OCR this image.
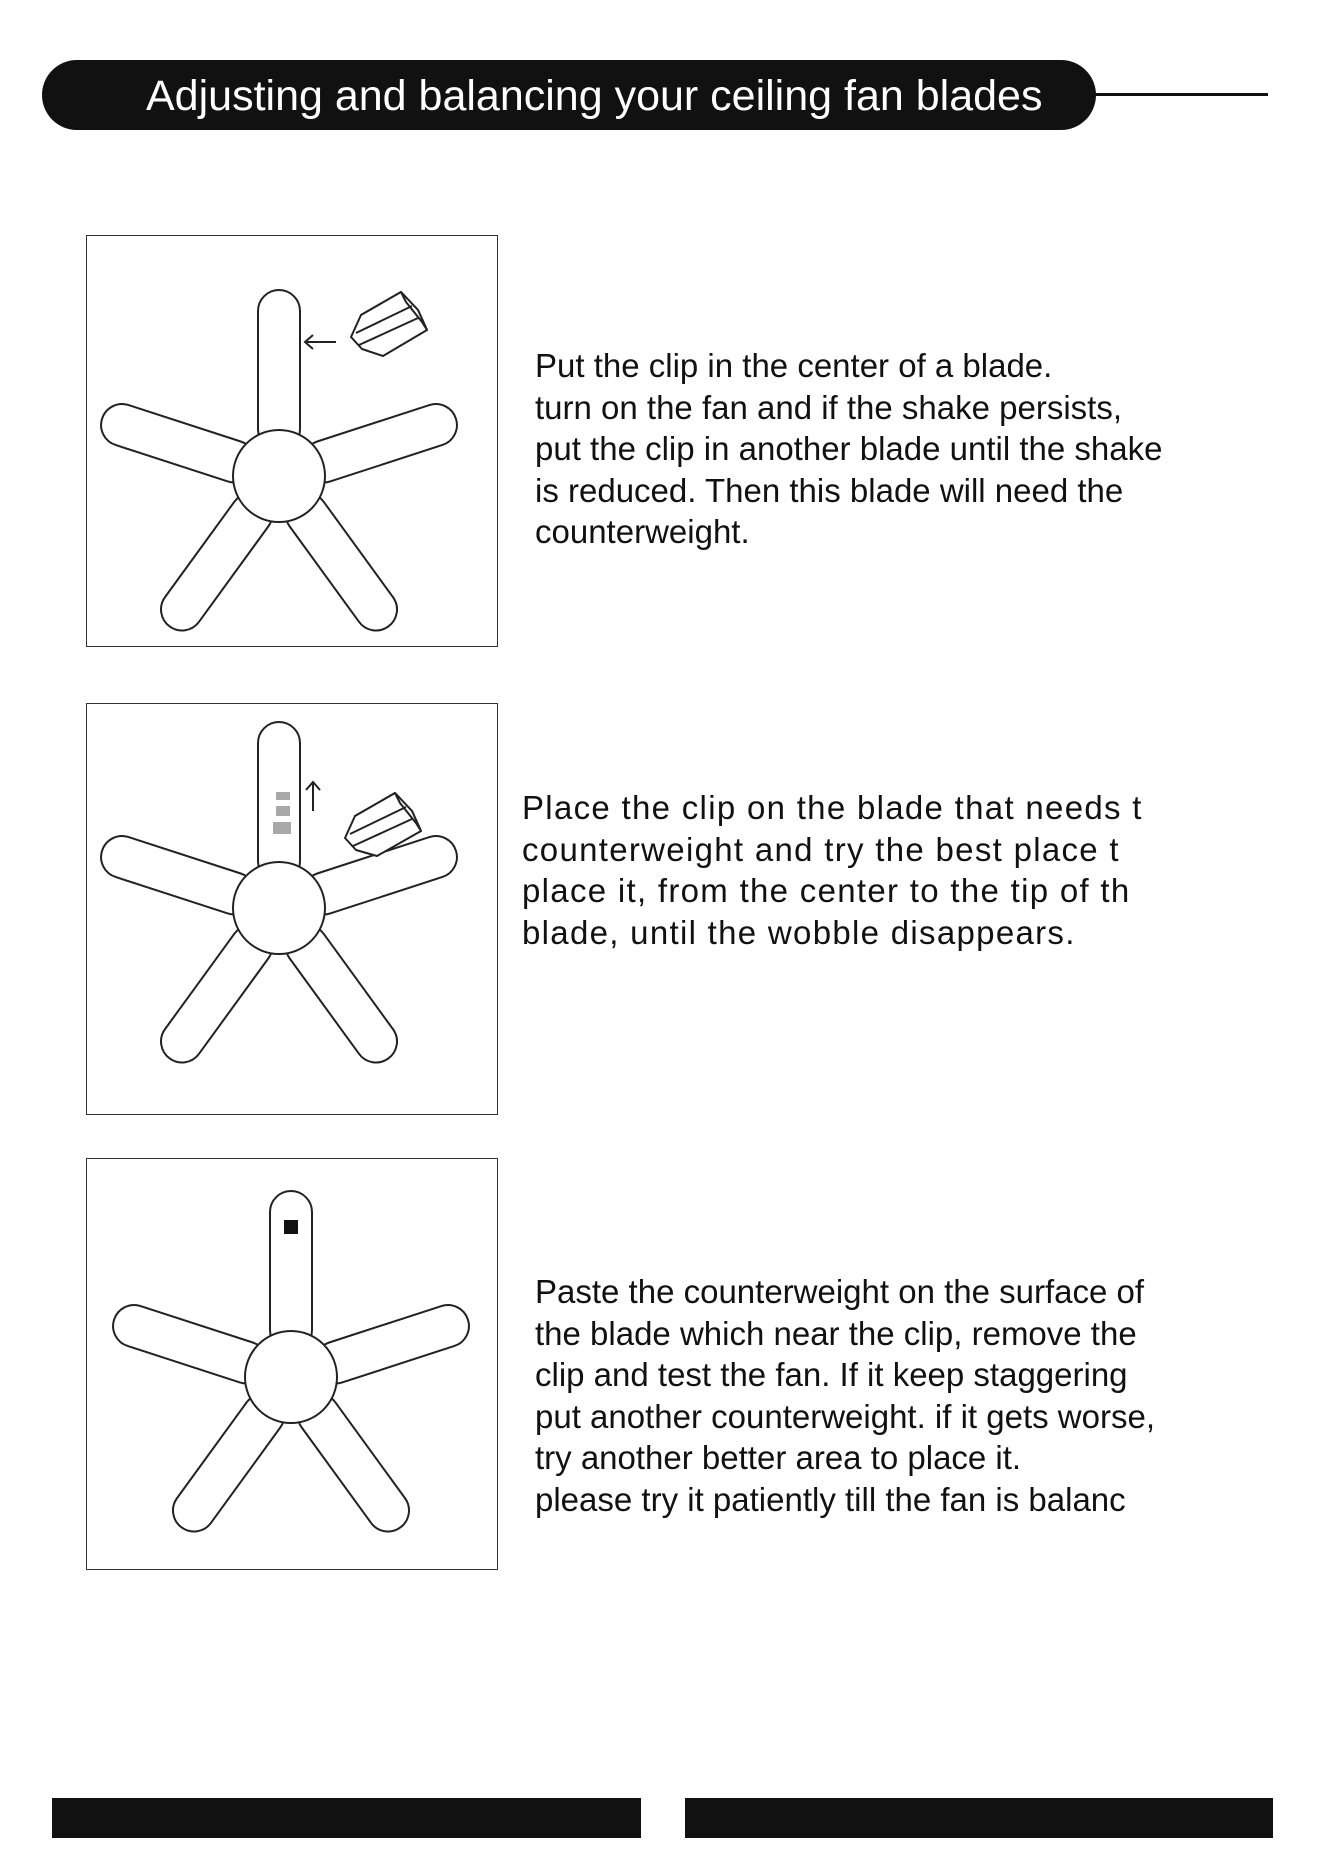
Adjusting and balancing your ceiling fan blades
Put the clip in the center of a blade.
turn on the fan and if the shake persists,
put the clip in another blade until the shake
is reduced. Then this blade will need the
counterweight.
Place the clip on the blade that needs t
counterweight and try the best place t
place it, from the center to the tip of th
blade, until the wobble disappears.
Paste the counterweight on the surface of
the blade which near the clip, remove the
clip and test the fan. If it keep staggering
put another counterweight. if it gets worse,
try another better area to place it.
please try it patiently till the fan is balanc
